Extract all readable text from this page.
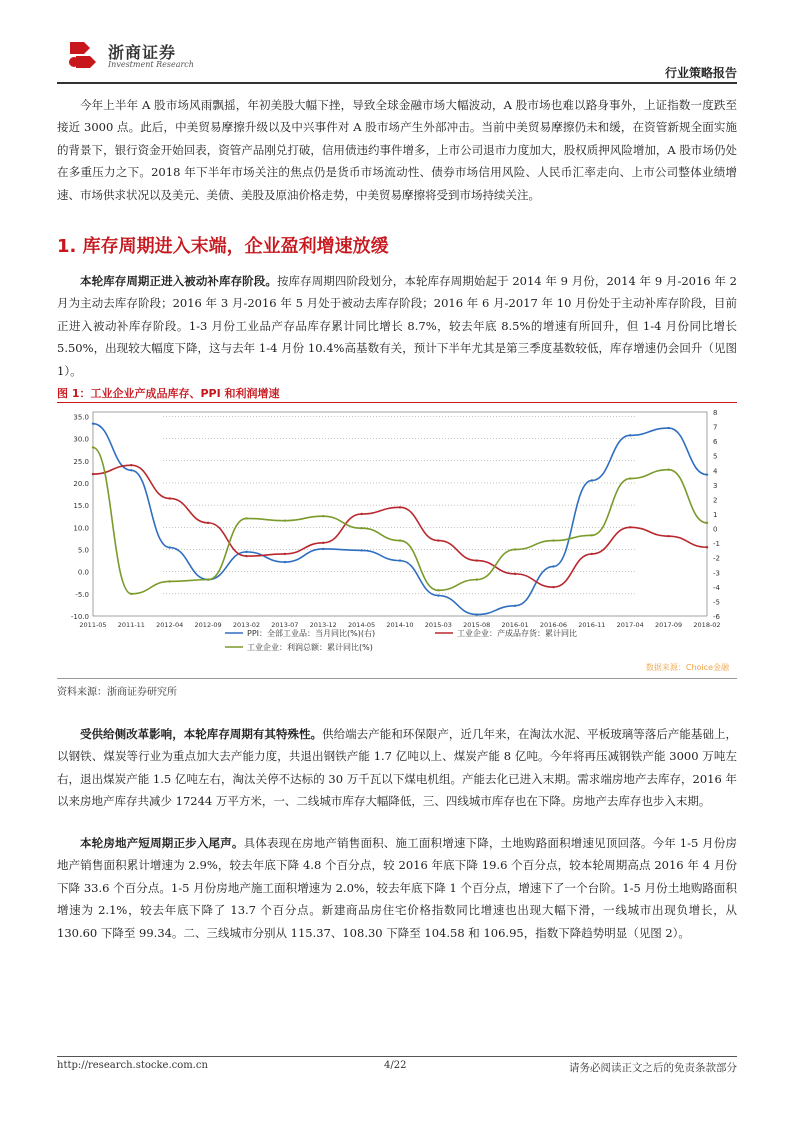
浙商证券
Investment Research
行业策略报告
今年上半年 A 股市场风雨飘摇，年初美股大幅下挫，导致全球金融市场大幅波动，A 股市场也难以路身事外，上证指数一度跌至接近 3000 点。此后，中美贸易摩擦升级以及中兴事件对 A 股市场产生外部冲击。当前中美贸易摩擦仍未和缓，在资管新规全面实施的背景下，银行资金开始回表，资管产品刚兑打破，信用债违约事件增多，上市公司退市力度加大，股权质押风险增加，A 股市场仍处在多重压力之下。2018 年下半年市场关注的焦点仍是货币市场流动性、债券市场信用风险、人民币汇率走向、上市公司整体业绩增速、市场供求状况以及美元、美债、美股及原油价格走势，中美贸易摩擦将受到市场持续关注。
1. 库存周期进入末端，企业盈利增速放缓
本轮库存周期正进入被动补库存阶段。按库存周期四阶段划分，本轮库存周期始起于 2014 年 9 月份，2014 年 9 月-2016 年 2 月为主动去库存阶段；2016 年 3 月-2016 年 5 月处于被动去库存阶段；2016 年 6 月-2017 年 10 月份处于主动补库存阶段，目前正进入被动补库存阶段。1-3 月份工业品产存品库存累计同比增长 8.7%，较去年底 8.5%的增速有所回升，但 1-4 月份同比增长 5.50%，出现较大幅度下降，这与去年 1-4 月份 10.4%高基数有关，预计下半年尤其是第三季度基数较低，库存增速仍会回升（见图 1）。
图 1：工业企业产成品库存、PPI 和利润增速
-10.0
-5.0
0.0
5.0
10.0
15.0
20.0
25.0
30.0
35.0
-6
-5
-4
-3
-2
-1
0
1
2
3
4
5
6
7
8
2011-05 2011-11 2012-04 2012-09 2013-02 2013-07 2013-12 2014-05 2014-10 2015-03 2015-08 2016-01 2016-06 2016-11 2017-04 2017-09 2018-02
PPI：全部工业品：当月同比(%)(右)	工业企业：产成品存货：累计同比
工业企业：利润总额：累计同比(%)
数据来源：Choice金融
资料来源：浙商证券研究所
受供给侧改革影响，本轮库存周期有其特殊性。供给端去产能和环保限产，近几年来，在淘汰水泥、平板玻璃等落后产能基础上，以钢铁、煤炭等行业为重点加大去产能力度，共退出钢铁产能 1.7 亿吨以上、煤炭产能 8 亿吨。今年将再压减钢铁产能 3000 万吨左右，退出煤炭产能 1.5 亿吨左右，淘汰关停不达标的 30 万千瓦以下煤电机组。产能去化已进入末期。需求端房地产去库存，2016 年以来房地产库存共减少 17244 万平方米，一、二线城市库存大幅降低，三、四线城市库存也在下降。房地产去库存也步入末期。
本轮房地产短周期正步入尾声。具体表现在房地产销售面积、施工面积增速下降，土地购路面积增速见顶回落。今年 1-5 月份房地产销售面积累计增速为 2.9%，较去年底下降 4.8 个百分点，较 2016 年底下降 19.6 个百分点，较本轮周期高点 2016 年 4 月份下降 33.6 个百分点。1-5 月份房地产施工面积增速为 2.0%，较去年底下降 1 个百分点，增速下了一个台阶。1-5 月份土地购路面积增速为 2.1%，较去年底下降了 13.7 个百分点。新建商品房住宅价格指数同比增速也出现大幅下滑，一线城市出现负增长，从 130.60 下降至 99.34。二、三线城市分别从 115.37、108.30 下降至 104.58 和 106.95，指数下降趋势明显（见图 2）。
http://research.stocke.com.cn	4/22	请务必阅读正文之后的免责条款部分
